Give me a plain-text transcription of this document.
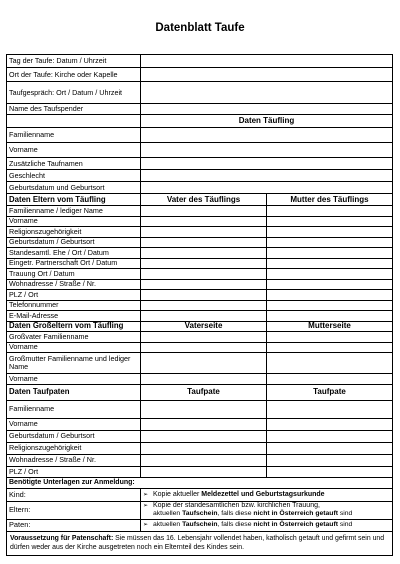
Datenblatt Taufe
Tag der Taufe: Datum / Uhrzeit		
Ort der Taufe: Kirche oder Kapelle		
Taufgespräch: Ort / Datum / Uhrzeit		
Name des Taufspender		
	Daten Täufling	
Familienname		
Vorname		
Zusätzliche Taufnamen		
Geschlecht		
Geburtsdatum und Geburtsort		
Daten Eltern vom Täufling	Vater des Täuflings	Mutter des Täuflings
Familienname / lediger Name		
Vorname		
Religionszugehörigkeit		
Geburtsdatum / Geburtsort		
Standesamtl. Ehe / Ort / Datum		
Eingetr. Partnerschaft Ort / Datum		
Trauung Ort / Datum		
Wohnadresse / Straße / Nr.		
PLZ / Ort		
Telefonnummer		
E-Mail-Adresse		
Daten Großeltern vom Täufling	Vaterseite	Mutterseite
Großvater Familienname		
Vorname		
Großmutter Familienname und lediger Name		
Vorname		
Daten Taufpaten	Taufpate	Taufpate
Familienname		
Vorname		
Geburtsdatum / Geburtsort		
Religionszugehörigkeit		
Wohnadresse / Straße / Nr.		
PLZ / Ort		
Benötigte Unterlagen zur Anmeldung:		
Kind:	➢ Kopie aktueller Meldezettel und Geburtstagsurkunde	
Eltern:	➢ Kopie der standesamtlichen bzw. kirchlichen Trauung,
aktuellen Taufschein, falls diese nicht in Österreich getauft sind	
Paten:	➢ aktuellen Taufschein, falls diese nicht in Österreich getauft sind	
Voraussetzung für Patenschaft: Sie müssen das 16. Lebensjahr vollendet haben, katholisch getauft und gefirmt sein und dürfen weder aus der Kirche ausgetreten noch ein Elternteil des Kindes sein.		
